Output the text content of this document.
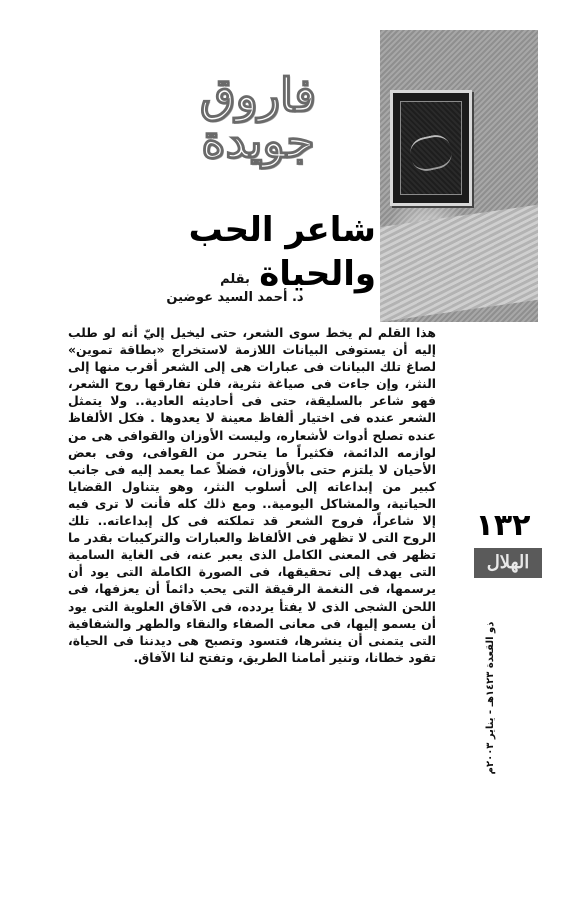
فاروق جويدة
شاعر الحب والحياة
بقلم
د. أحمد السيد عوضين

هذا القلم لم يخط سوى الشعر، حتى ليخيل إليّ أنه لو طلب إليه أن يستوفى البيانات اللازمة لاستخراج «بطاقة تموين» لصاغ تلك البيانات فى عبارات هى إلى الشعر أقرب منها إلى النثر، وإن جاءت فى صياغة نثرية، فلن تفارقها روح الشعر، فهو شاعر بالسليقة، حتى فى أحاديثه العادية.. ولا يتمثل الشعر عنده فى اختيار ألفاظ معينة لا يعدوها . فكل الألفاظ عنده تصلح أدوات لأشعاره، وليست الأوزان والقوافى هى من لوازمه الدائمة، فكثيراً ما يتحرر من القوافى، وفى بعض الأحيان لا يلتزم حتى بالأوزان، فضلاً عما يعمد إليه فى جانب كبير من إبداعاته إلى أسلوب النثر، وهو يتناول القضايا الحياتية، والمشاكل اليومية.. ومع ذلك كله فأنت لا ترى فيه إلا شاعراً، فروح الشعر قد تملكته فى كل إبداعاته.. تلك الروح التى لا تظهر فى الألفاظ والعبارات والتركيبات بقدر ما تظهر فى المعنى الكامل الذى يعبر عنه، فى الغاية السامية التى يهدف إلى تحقيقها، فى الصورة الكاملة التى يود أن يرسمها، فى النغمة الرقيقة التى يحب دائماً أن يعزفها، فى اللحن الشجى الذى لا يفتأ يردده، فى الآفاق العلوية التى يود أن يسمو إليها، فى معانى الصفاء والنقاء والطهر والشفافية التى يتمنى أن ينشرها، فتسود وتصبح هى ديدننا فى الحياة، تقود خطانا، وتنير أمامنا الطريق، وتفتح لنا الآفاق.

١٣٢
الهلال
ذو القعدة ١٤٢٣هـ - يناير ٢٠٠٣م
